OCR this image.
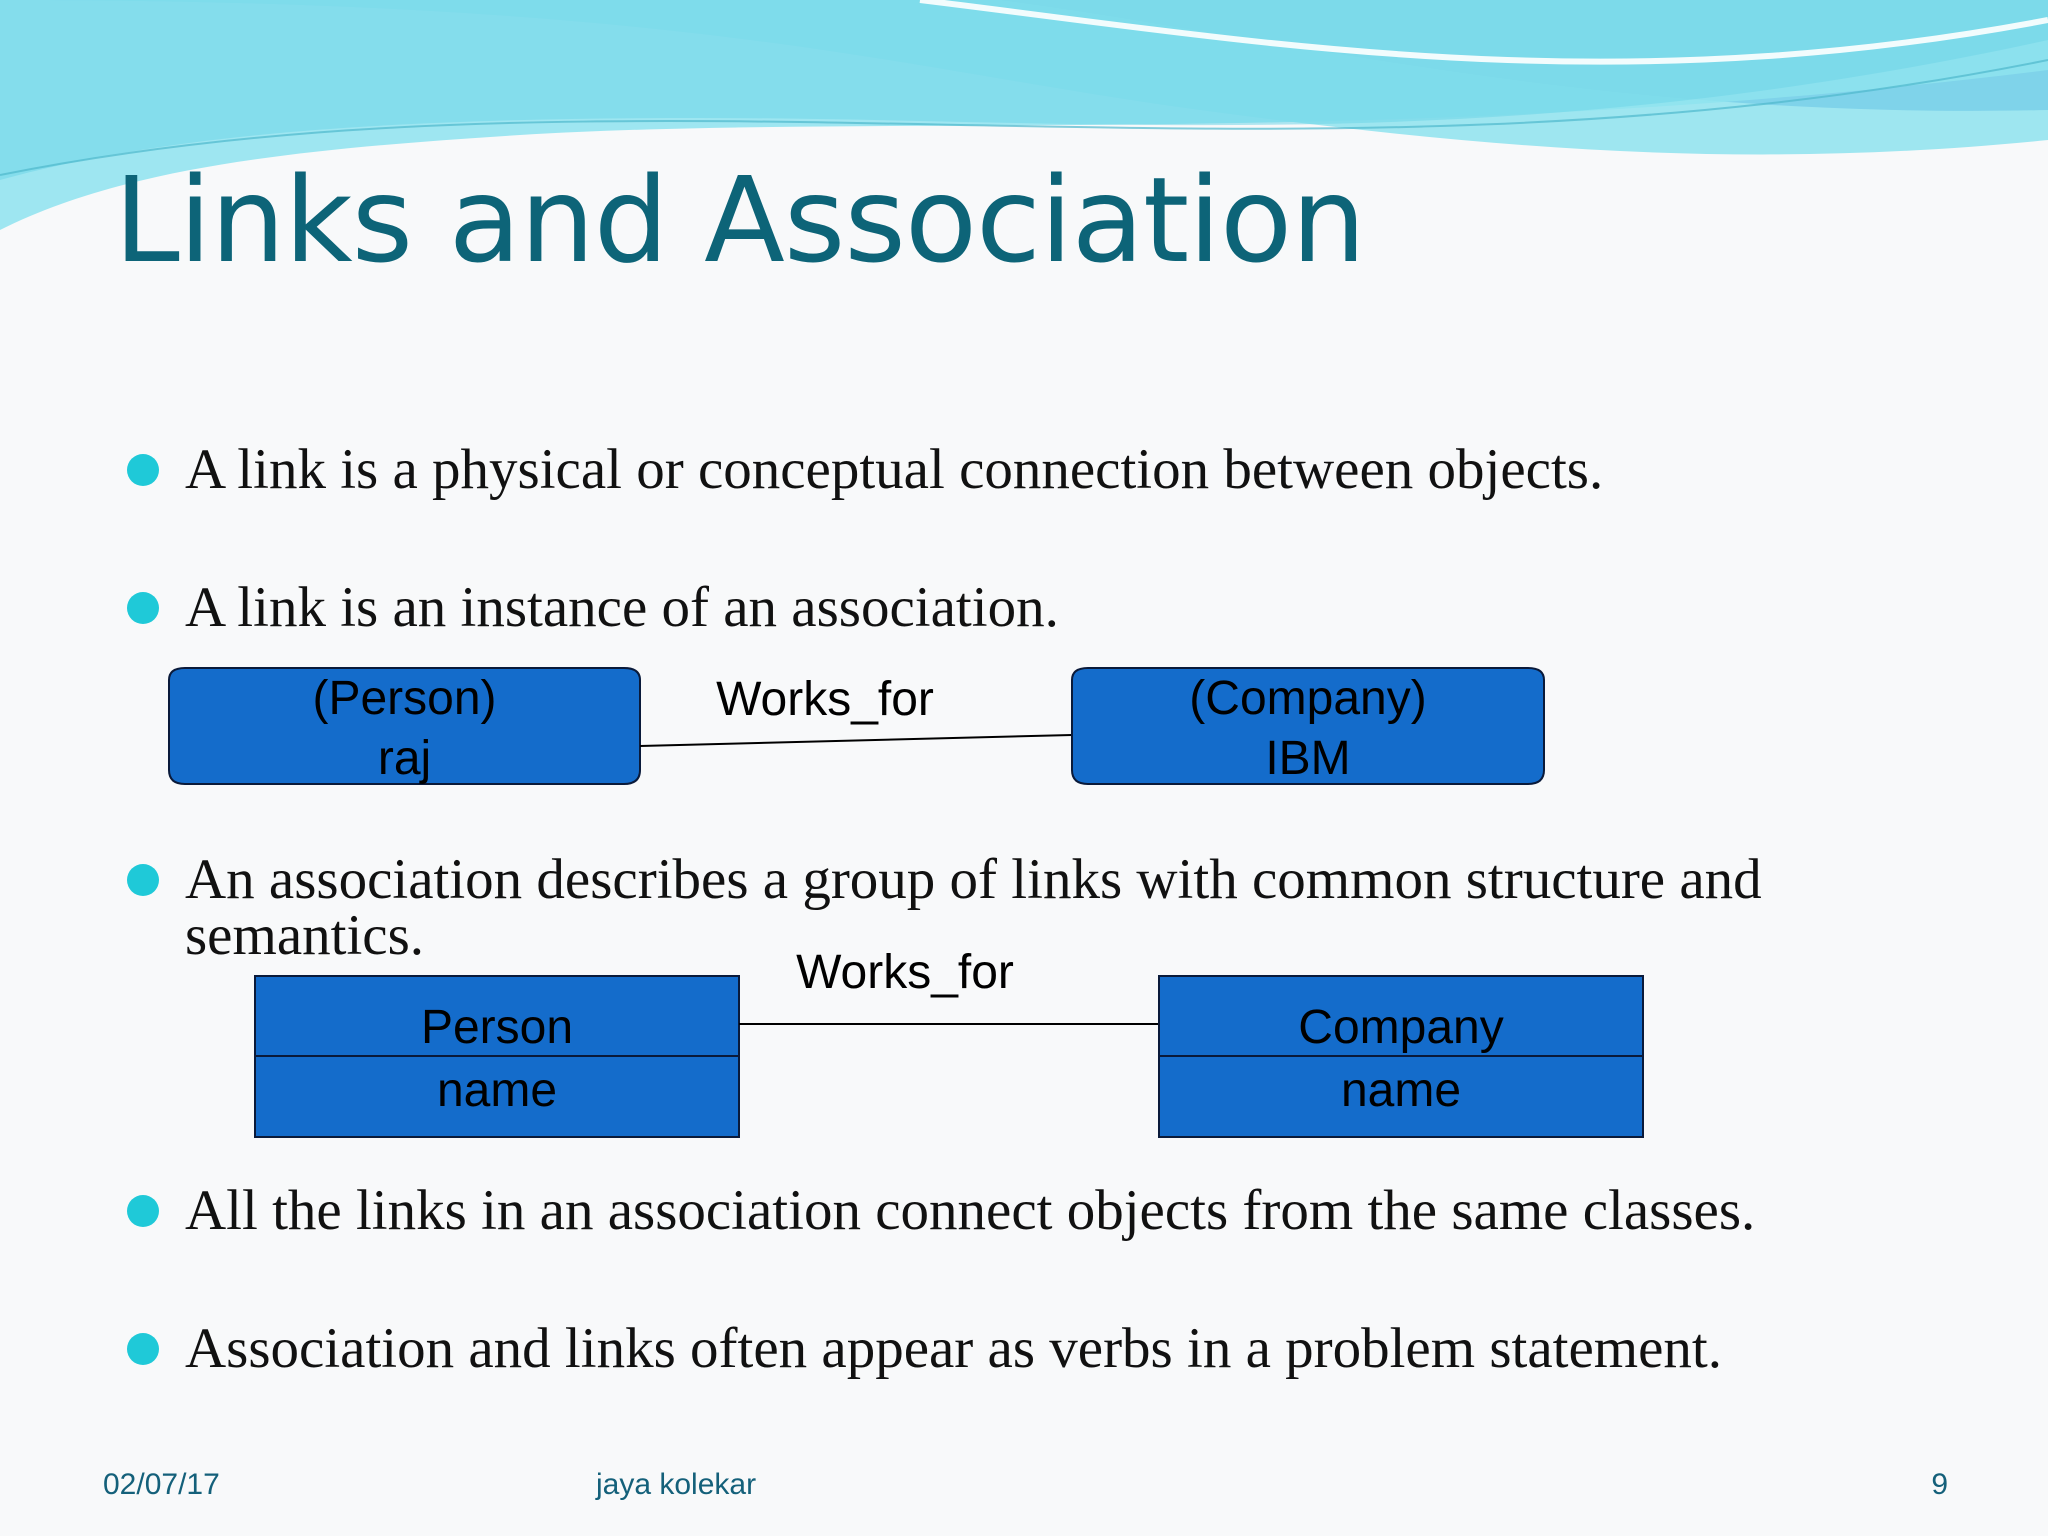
Links and Association
A link is a physical or conceptual connection between objects.
A link is an instance of an association.
(Person)
raj
Works_for	(Company)
IBM
An association describes a group of links with common structure and semantics.
Person
name
Works_for
Company
name
All the links in an association connect objects from the same classes.
Association and links often appear as verbs in a problem statement.
02/07/17	jaya kolekar	9
